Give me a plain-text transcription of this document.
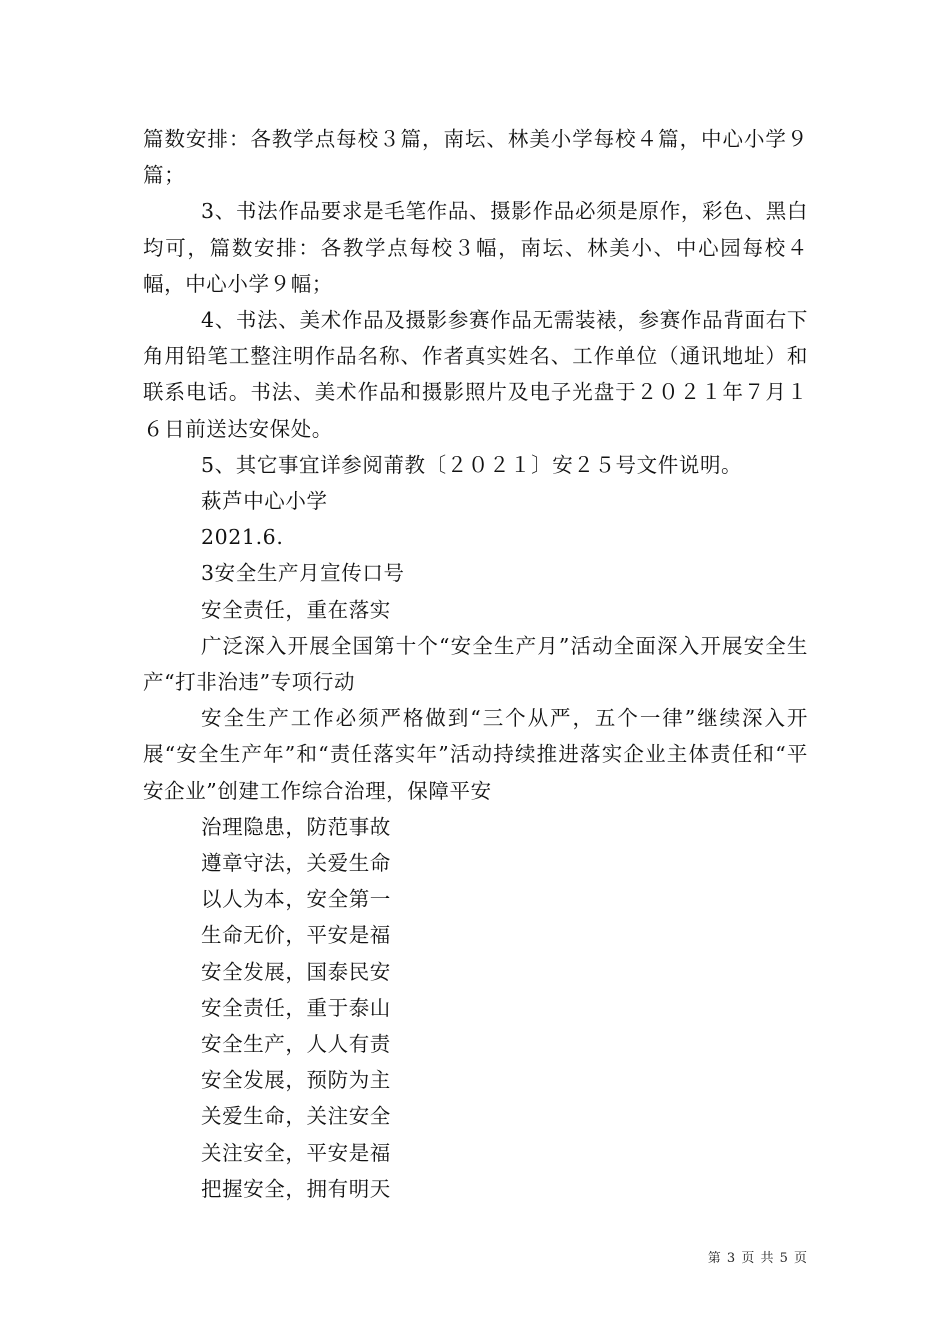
篇数安排：各教学点每校３篇，南坛、林美小学每校４篇，中心小学９篇；

3、书法作品要求是毛笔作品、摄影作品必须是原作，彩色、黑白均可，篇数安排：各教学点每校３幅，南坛、林美小、中心园每校４幅，中心小学９幅；

4、书法、美术作品及摄影参赛作品无需装裱，参赛作品背面右下角用铅笔工整注明作品名称、作者真实姓名、工作单位（通讯地址）和联系电话。书法、美术作品和摄影照片及电子光盘于２０２１年７月１６日前送达安保处。

5、其它事宜详参阅莆教〔２０２１〕安２５号文件说明。

萩芦中心小学

2021.6.

3安全生产月宣传口号

安全责任，重在落实

广泛深入开展全国第十个“安全生产月”活动全面深入开展安全生产“打非治违”专项行动

安全生产工作必须严格做到“三个从严，五个一律”继续深入开展“安全生产年”和“责任落实年”活动持续推进落实企业主体责任和“平安企业”创建工作综合治理，保障平安

治理隐患，防范事故
遵章守法，关爱生命
以人为本，安全第一
生命无价，平安是福
安全发展，国泰民安
安全责任，重于泰山
安全生产，人人有责
安全发展，预防为主
关爱生命，关注安全
关注安全，平安是福
把握安全，拥有明天
第 3 页 共 5 页
